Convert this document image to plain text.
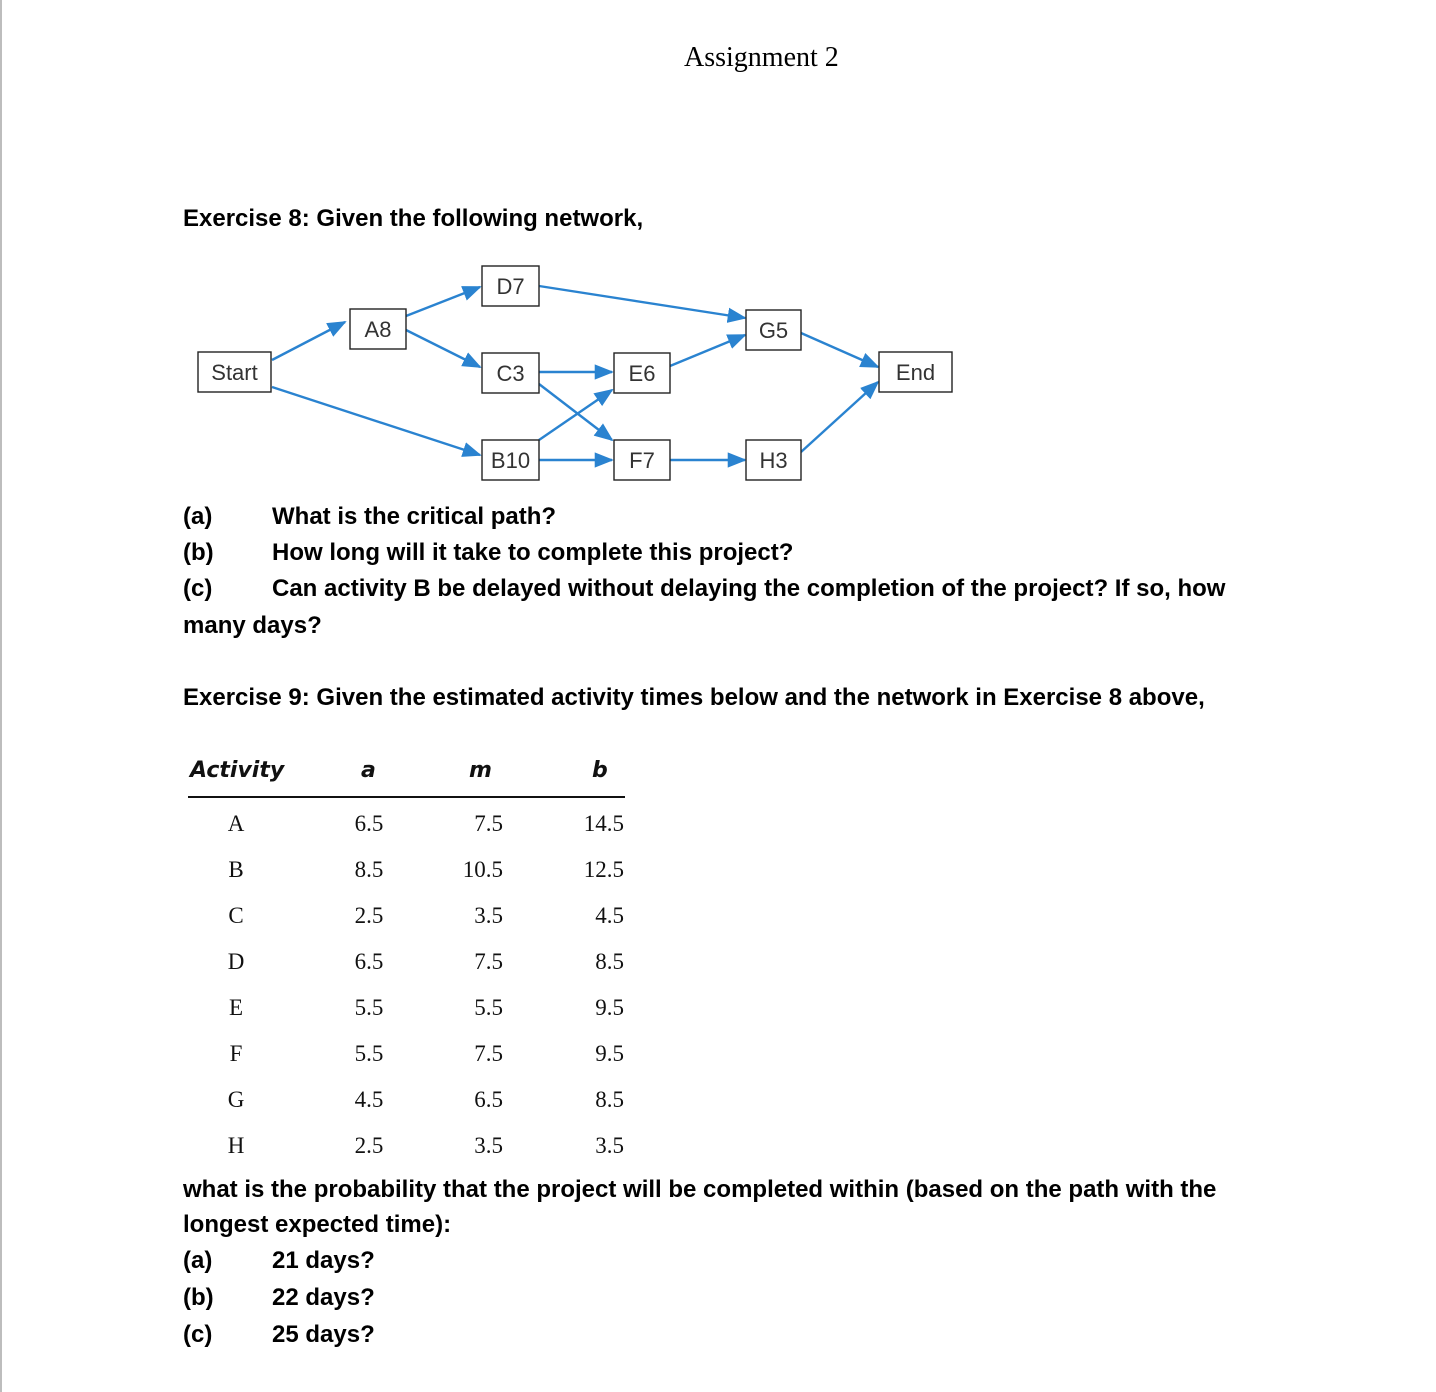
Assignment 2
Exercise 8: Given the following network,
Start
A8
D7
C3
B10
E6
F7
G5
H3
End
(a) What is the critical path?
(b) How long will it take to complete this project?
(c) Can activity B be delayed without delaying the completion of the project? If so, how
many days?
Exercise 9: Given the estimated activity times below and the network in Exercise 8 above,
Activity	a	m	b
A	6.5	7.5	14.5
B	8.5	10.5	12.5
C	2.5	3.5	4.5
D	6.5	7.5	8.5
E	5.5	5.5	9.5
F	5.5	7.5	9.5
G	4.5	6.5	8.5
H	2.5	3.5	3.5
what is the probability that the project will be completed within (based on the path with the
longest expected time):
(a) 21 days?
(b) 22 days?
(c) 25 days?
